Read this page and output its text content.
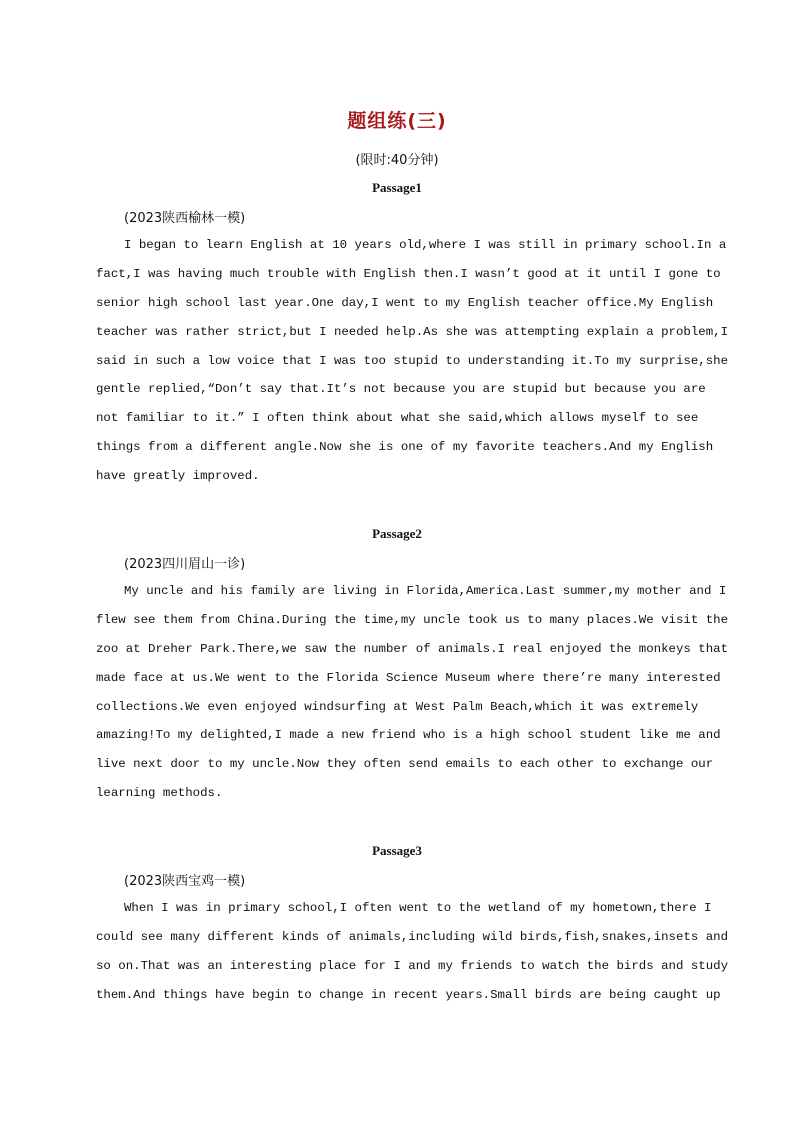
题组练(三)
(限时:40分钟)
Passage1
(2023陕西榆林一模)
I began to learn English at 10 years old,where I was still in primary school.In a
fact,I was having much trouble with English then.I wasn’t good at it until I gone to
senior high school last year.One day,I went to my English teacher office.My English
teacher was rather strict,but I needed help.As she was attempting explain a problem,I
said in such a low voice that I was too stupid to understanding it.To my surprise,she
gentle replied,“Don’t say that.It’s not because you are stupid but because you are
not familiar to it.” I often think about what she said,which allows myself to see
things from a different angle.Now she is one of my favorite teachers.And my English
have greatly improved.
Passage2
(2023四川眉山一诊)
My uncle and his family are living in Florida,America.Last summer,my mother and I
flew see them from China.During the time,my uncle took us to many places.We visit the
zoo at Dreher Park.There,we saw the number of animals.I real enjoyed the monkeys that
made face at us.We went to the Florida Science Museum where there’re many interested
collections.We even enjoyed windsurfing at West Palm Beach,which it was extremely
amazing!To my delighted,I made a new friend who is a high school student like me and
live next door to my uncle.Now they often send emails to each other to exchange our
learning methods.
Passage3
(2023陕西宝鸡一模)
When I was in primary school,I often went to the wetland of my hometown,there I
could see many different kinds of animals,including wild birds,fish,snakes,insets and
so on.That was an interesting place for I and my friends to watch the birds and study
them.And things have begin to change in recent years.Small birds are being caught up
